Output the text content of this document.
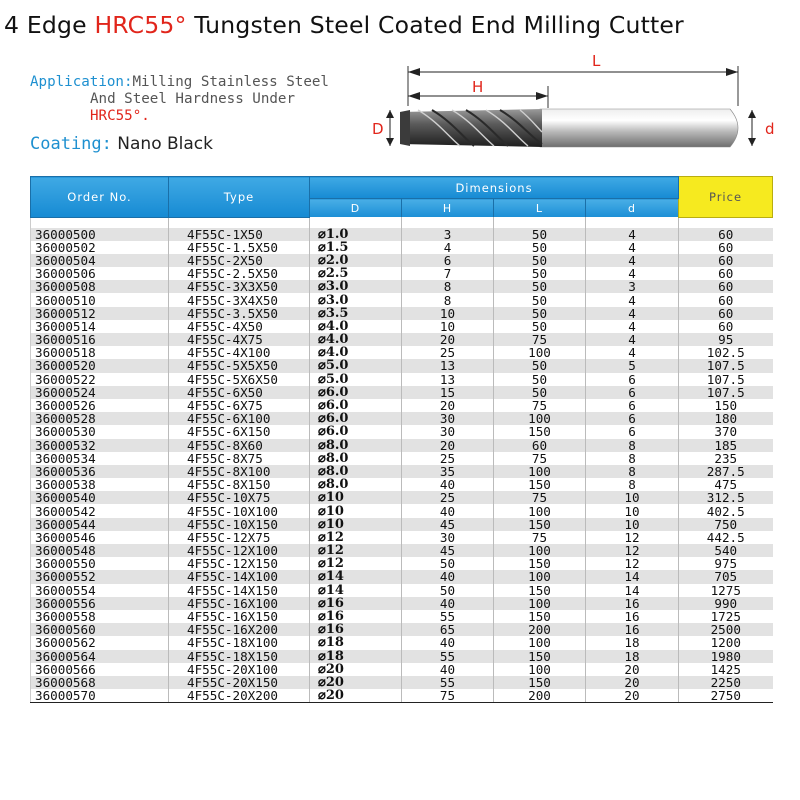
4 Edge HRC55° Tungsten Steel Coated End Milling Cutter
Application:Milling Stainless Steel
And Steel Hardness Under
HRC55°.
Coating: Nano Black
L
H
D	d
Order No.	Type	Dimensions				Price
		D	H	L	d	

36000500	4F55C-1X50	⌀1.0	3	50	4	60
36000502	4F55C-1.5X50	⌀1.5	4	50	4	60
36000504	4F55C-2X50	⌀2.0	6	50	4	60
36000506	4F55C-2.5X50	⌀2.5	7	50	4	60
36000508	4F55C-3X3X50	⌀3.0	8	50	3	60
36000510	4F55C-3X4X50	⌀3.0	8	50	4	60
36000512	4F55C-3.5X50	⌀3.5	10	50	4	60
36000514	4F55C-4X50	⌀4.0	10	50	4	60
36000516	4F55C-4X75	⌀4.0	20	75	4	95
36000518	4F55C-4X100	⌀4.0	25	100	4	102.5
36000520	4F55C-5X5X50	⌀5.0	13	50	5	107.5
36000522	4F55C-5X6X50	⌀5.0	13	50	6	107.5
36000524	4F55C-6X50	⌀6.0	15	50	6	107.5
36000526	4F55C-6X75	⌀6.0	20	75	6	150
36000528	4F55C-6X100	⌀6.0	30	100	6	180
36000530	4F55C-6X150	⌀6.0	30	150	6	370
36000532	4F55C-8X60	⌀8.0	20	60	8	185
36000534	4F55C-8X75	⌀8.0	25	75	8	235
36000536	4F55C-8X100	⌀8.0	35	100	8	287.5
36000538	4F55C-8X150	⌀8.0	40	150	8	475
36000540	4F55C-10X75	⌀10	25	75	10	312.5
36000542	4F55C-10X100	⌀10	40	100	10	402.5
36000544	4F55C-10X150	⌀10	45	150	10	750
36000546	4F55C-12X75	⌀12	30	75	12	442.5
36000548	4F55C-12X100	⌀12	45	100	12	540
36000550	4F55C-12X150	⌀12	50	150	12	975
36000552	4F55C-14X100	⌀14	40	100	14	705
36000554	4F55C-14X150	⌀14	50	150	14	1275
36000556	4F55C-16X100	⌀16	40	100	16	990
36000558	4F55C-16X150	⌀16	55	150	16	1725
36000560	4F55C-16X200	⌀16	65	200	16	2500
36000562	4F55C-18X100	⌀18	40	100	18	1200
36000564	4F55C-18X150	⌀18	55	150	18	1980
36000566	4F55C-20X100	⌀20	40	100	20	1425
36000568	4F55C-20X150	⌀20	55	150	20	2250
36000570	4F55C-20X200	⌀20	75	200	20	2750
